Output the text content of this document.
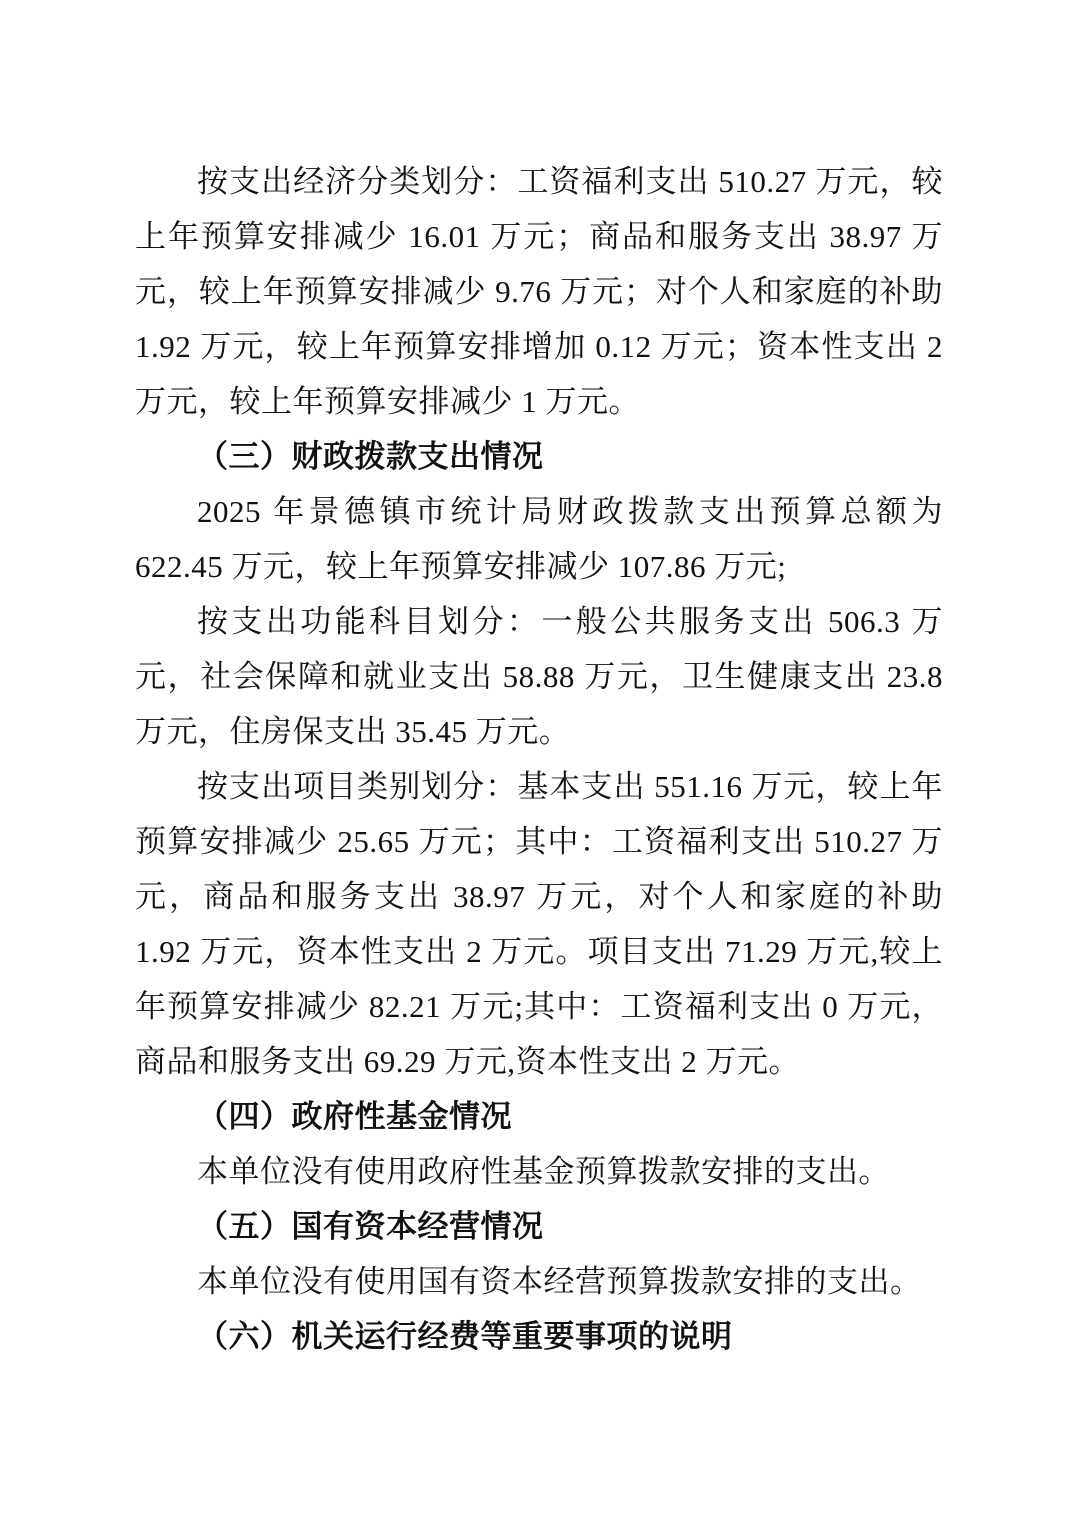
按支出经济分类划分：工资福利支出 510.27 万元，较上年预算安排减少 16.01 万元；商品和服务支出 38.97 万元，较上年预算安排减少 9.76 万元；对个人和家庭的补助 1.92 万元，较上年预算安排增加 0.12 万元；资本性支出 2 万元，较上年预算安排减少 1 万元。

（三）财政拨款支出情况

2025 年景德镇市统计局财政拨款支出预算总额为 622.45 万元，较上年预算安排减少 107.86 万元;

按支出功能科目划分：一般公共服务支出 506.3 万元，社会保障和就业支出 58.88 万元，卫生健康支出 23.8 万元，住房保支出 35.45 万元。

按支出项目类别划分：基本支出 551.16 万元，较上年预算安排减少 25.65 万元；其中：工资福利支出 510.27 万元，商品和服务支出 38.97 万元，对个人和家庭的补助 1.92 万元，资本性支出 2 万元。项目支出 71.29 万元,较上年预算安排减少 82.21 万元;其中：工资福利支出 0 万元，商品和服务支出 69.29 万元,资本性支出 2 万元。

（四）政府性基金情况

本单位没有使用政府性基金预算拨款安排的支出。

（五）国有资本经营情况

本单位没有使用国有资本经营预算拨款安排的支出。

（六）机关运行经费等重要事项的说明
